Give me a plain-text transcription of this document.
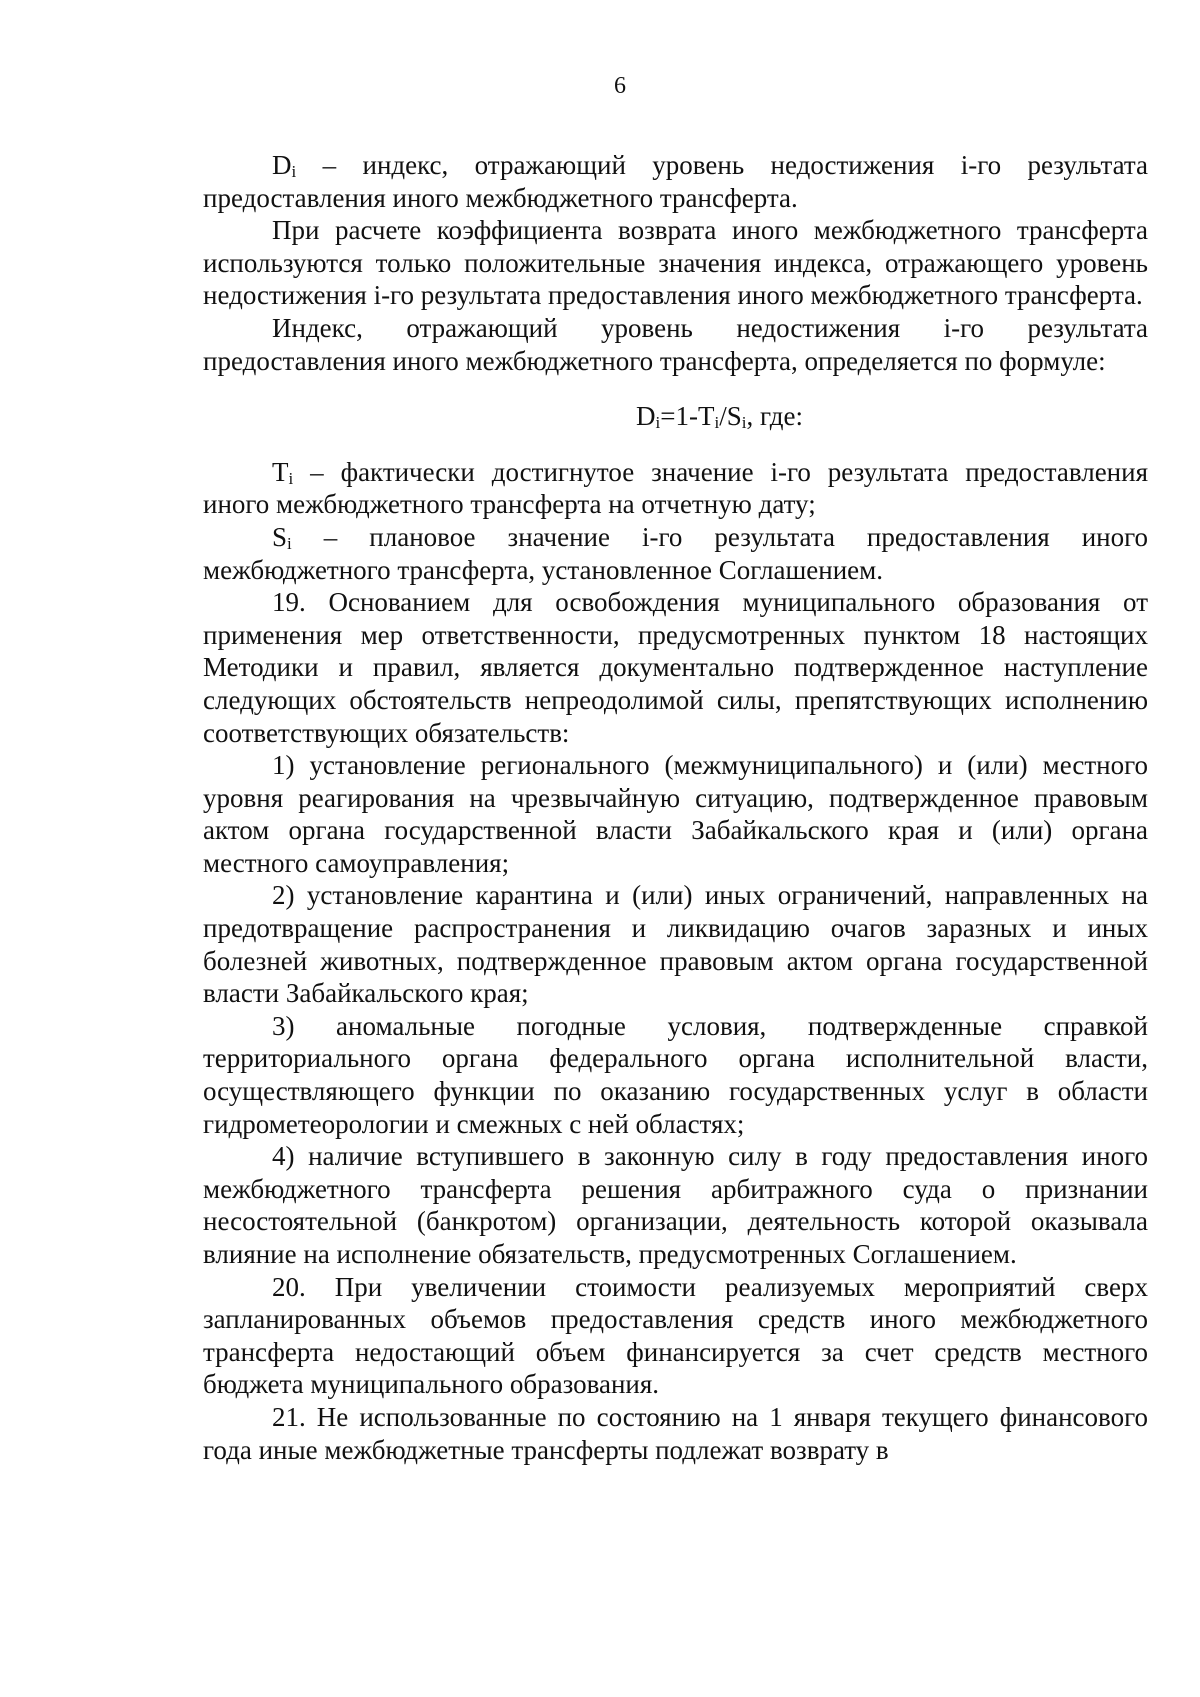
6

$D_i$ – индекс, отражающий уровень недостижения i-го результата предоставления иного межбюджетного трансферта.

При расчете коэффициента возврата иного межбюджетного трансферта используются только положительные значения индекса, отражающего уровень недостижения i-го результата предоставления иного межбюджетного трансферта.

Индекс, отражающий уровень недостижения i-го результата предоставления иного межбюджетного трансферта, определяется по формуле:

$D_i=1-T_i/S_i$, где:

$T_i$ – фактически достигнутое значение i-го результата предоставления иного межбюджетного трансферта на отчетную дату;

$S_i$ – плановое значение i-го результата предоставления иного межбюджетного трансферта, установленное Соглашением.

19. Основанием для освобождения муниципального образования от применения мер ответственности, предусмотренных пунктом 18 настоящих Методики и правил, является документально подтвержденное наступление следующих обстоятельств непреодолимой силы, препятствующих исполнению соответствующих обязательств:

1) установление регионального (межмуниципального) и (или) местного уровня реагирования на чрезвычайную ситуацию, подтвержденное правовым актом органа государственной власти Забайкальского края и (или) органа местного самоуправления;

2) установление карантина и (или) иных ограничений, направленных на предотвращение распространения и ликвидацию очагов заразных и иных болезней животных, подтвержденное правовым актом органа государственной власти Забайкальского края;

3) аномальные погодные условия, подтвержденные справкой территориального органа федерального органа исполнительной власти, осуществляющего функции по оказанию государственных услуг в области гидрометеорологии и смежных с ней областях;

4) наличие вступившего в законную силу в году предоставления иного межбюджетного трансферта решения арбитражного суда о признании несостоятельной (банкротом) организации, деятельность которой оказывала влияние на исполнение обязательств, предусмотренных Соглашением.

20. При увеличении стоимости реализуемых мероприятий сверх запланированных объемов предоставления средств иного межбюджетного трансферта недостающий объем финансируется за счет средств местного бюджета муниципального образования.

21. Не использованные по состоянию на 1 января текущего финансового года иные межбюджетные трансферты подлежат возврату в
